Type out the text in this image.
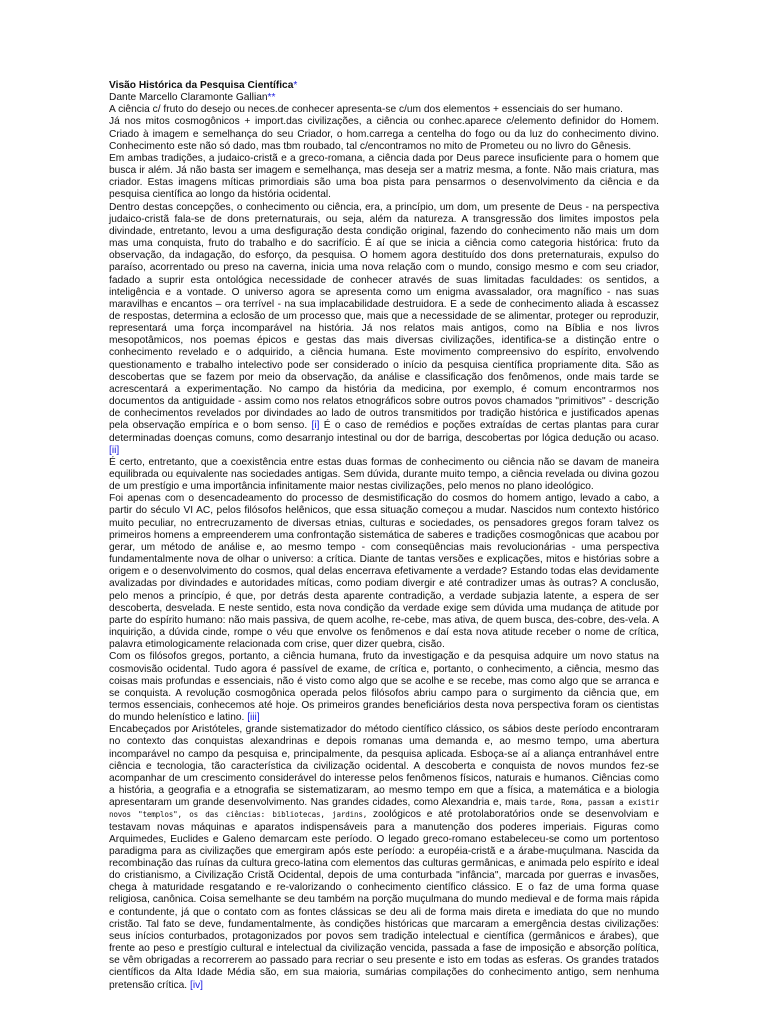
Visão Histórica da Pesquisa Científica*

Dante Marcello Claramonte Gallian**

A ciência c/ fruto do desejo ou neces.de conhecer apresenta-se c/um dos elementos + essenciais do ser humano.

Já nos mitos cosmogônicos + import.das civilizações, a ciência ou conhec.aparece c/elemento definidor do Homem. Criado à imagem e semelhança do seu Criador, o hom.carrega a centelha do fogo ou da luz do conhecimento divino. Conhecimento este não só dado, mas tbm roubado, tal c/encontramos no mito de Prometeu ou no livro do Gênesis.

Em ambas tradições, a judaico-cristã e a greco-romana, a ciência dada por Deus parece insuficiente para o homem que busca ir além. Já não basta ser imagem e semelhança, mas deseja ser a matriz mesma, a fonte. Não mais criatura, mas criador. Estas imagens míticas primordiais são uma boa pista para pensarmos o desenvolvimento da ciência e da pesquisa científica ao longo da história ocidental.

Dentro destas concepções, o conhecimento ou ciência, era, a princípio, um dom, um presente de Deus - na perspectiva judaico-cristã fala-se de dons preternaturais, ou seja, além da natureza. A transgressão dos limites impostos pela divindade, entretanto, levou a uma desfiguração desta condição original, fazendo do conhecimento não mais um dom mas uma conquista, fruto do trabalho e do sacrifício. É aí que se inicia a ciência como categoria histórica: fruto da observação, da indagação, do esforço, da pesquisa. O homem agora destituído dos dons preternaturais, expulso do paraíso, acorrentado ou preso na caverna, inicia uma nova relação com o mundo, consigo mesmo e com seu criador, fadado a suprir esta ontológica necessidade de conhecer através de suas limitadas faculdades: os sentidos, a inteligência e a vontade. O universo agora se apresenta como um enigma avassalador, ora magnífico - nas suas maravilhas e encantos – ora terrível - na sua implacabilidade destruidora. E a sede de conhecimento aliada à escassez de respostas, determina a eclosão de um processo que, mais que a necessidade de se alimentar, proteger ou reproduzir, representará uma força incomparável na história. Já nos relatos mais antigos, como na Bíblia e nos livros mesopotâmicos, nos poemas épicos e gestas das mais diversas civilizações, identifica-se a distinção entre o conhecimento revelado e o adquirido, a ciência humana. Este movimento compreensivo do espírito, envolvendo questionamento e trabalho intelectivo pode ser considerado o início da pesquisa científica propriamente dita. São as descobertas que se fazem por meio da observação, da análise e classificação dos fenômenos, onde mais tarde se acrescentará a experimentação. No campo da história da medicina, por exemplo, é comum encontrarmos nos documentos da antiguidade - assim como nos relatos etnográficos sobre outros povos chamados "primitivos" - descrição de conhecimentos revelados por divindades ao lado de outros transmitidos por tradição histórica e justificados apenas pela observação empírica e o bom senso. [i] É o caso de remédios e poções extraídas de certas plantas para curar determinadas doenças comuns, como desarranjo intestinal ou dor de barriga, descobertas por lógica dedução ou acaso. [ii]

É certo, entretanto, que a coexistência entre estas duas formas de conhecimento ou ciência não se davam de maneira equilibrada ou equivalente nas sociedades antigas. Sem dúvida, durante muito tempo, a ciência revelada ou divina gozou de um prestígio e uma importância infinitamente maior nestas civilizações, pelo menos no plano ideológico.

Foi apenas com o desencadeamento do processo de desmistificação do cosmos do homem antigo, levado a cabo, a partir do século VI AC, pelos filósofos helênicos, que essa situação começou a mudar. Nascidos num contexto histórico muito peculiar, no entrecruzamento de diversas etnias, culturas e sociedades, os pensadores gregos foram talvez os primeiros homens a empreenderem uma confrontação sistemática de saberes e tradições cosmogônicas que acabou por gerar, um método de análise e, ao mesmo tempo - com conseqüências mais revolucionárias - uma perspectiva fundamentalmente nova de olhar o universo: a crítica. Diante de tantas versões e explicações, mitos e histórias sobre a origem e o desenvolvimento do cosmos, qual delas encerrava efetivamente a verdade? Estando todas elas devidamente avalizadas por divindades e autoridades míticas, como podiam divergir e até contradizer umas às outras? A conclusão, pelo menos a princípio, é que, por detrás desta aparente contradição, a verdade subjazia latente, a espera de ser descoberta, desvelada. E neste sentido, esta nova condição da verdade exige sem dúvida uma mudança de atitude por parte do espírito humano: não mais passiva, de quem acolhe, re-cebe, mas ativa, de quem busca, des-cobre, des-vela. A inquirição, a dúvida cinde, rompe o véu que envolve os fenômenos e daí esta nova atitude receber o nome de crítica, palavra etimologicamente relacionada com crise, quer dizer quebra, cisão.

Com os filósofos gregos, portanto, a ciência humana, fruto da investigação e da pesquisa adquire um novo status na cosmovisão ocidental. Tudo agora é passível de exame, de crítica e, portanto, o conhecimento, a ciência, mesmo das coisas mais profundas e essenciais, não é visto como algo que se acolhe e se recebe, mas como algo que se arranca e se conquista. A revolução cosmogônica operada pelos filósofos abriu campo para o surgimento da ciência que, em termos essenciais, conhecemos até hoje. Os primeiros grandes beneficiários desta nova perspectiva foram os cientistas do mundo helenístico e latino. [iii]

Encabeçados por Aristóteles, grande sistematizador do método científico clássico, os sábios deste período encontraram no contexto das conquistas alexandrinas e depois romanas uma demanda e, ao mesmo tempo, uma abertura incomparável no campo da pesquisa e, principalmente, da pesquisa aplicada. Esboça-se aí a aliança entranhável entre ciência e tecnologia, tão característica da civilização ocidental. A descoberta e conquista de novos mundos fez-se acompanhar de um crescimento considerável do interesse pelos fenômenos físicos, naturais e humanos. Ciências como a história, a geografia e a etnografia se sistematizaram, ao mesmo tempo em que a física, a matemática e a biologia apresentaram um grande desenvolvimento. Nas grandes cidades, como Alexandria e, mais tarde, Roma, passam a existir novos "templos", os das ciências: bibliotecas, jardins, zoológicos e até protolaboratórios onde se desenvolviam e testavam novas máquinas e aparatos indispensáveis para a manutenção dos poderes imperiais. Figuras como Arquimedes, Euclides e Galeno demarcam este período. O legado greco-romano estabeleceu-se como um portentoso paradigma para as civilizações que emergiram após este período: a européia-cristã e a árabe-muçulmana. Nascida da recombinação das ruínas da cultura greco-latina com elementos das culturas germânicas, e animada pelo espírito e ideal do cristianismo, a Civilização Cristã Ocidental, depois de uma conturbada "infância", marcada por guerras e invasões, chega à maturidade resgatando e re-valorizando o conhecimento científico clássico. E o faz de uma forma quase religiosa, canônica. Coisa semelhante se deu também na porção muçulmana do mundo medieval e de forma mais rápida e contundente, já que o contato com as fontes clássicas se deu ali de forma mais direta e imediata do que no mundo cristão. Tal fato se deve, fundamentalmente, às condições históricas que marcaram a emergência destas civilizações: seus inícios conturbados, protagonizados por povos sem tradição intelectual e científica (germânicos e árabes), que frente ao peso e prestígio cultural e intelectual da civilização vencida, passada a fase de imposição e absorção política, se vêm obrigadas a recorrerem ao passado para recriar o seu presente e isto em todas as esferas. Os grandes tratados científicos da Alta Idade Média são, em sua maioria, sumárias compilações do conhecimento antigo, sem nenhuma pretensão crítica. [iv]
